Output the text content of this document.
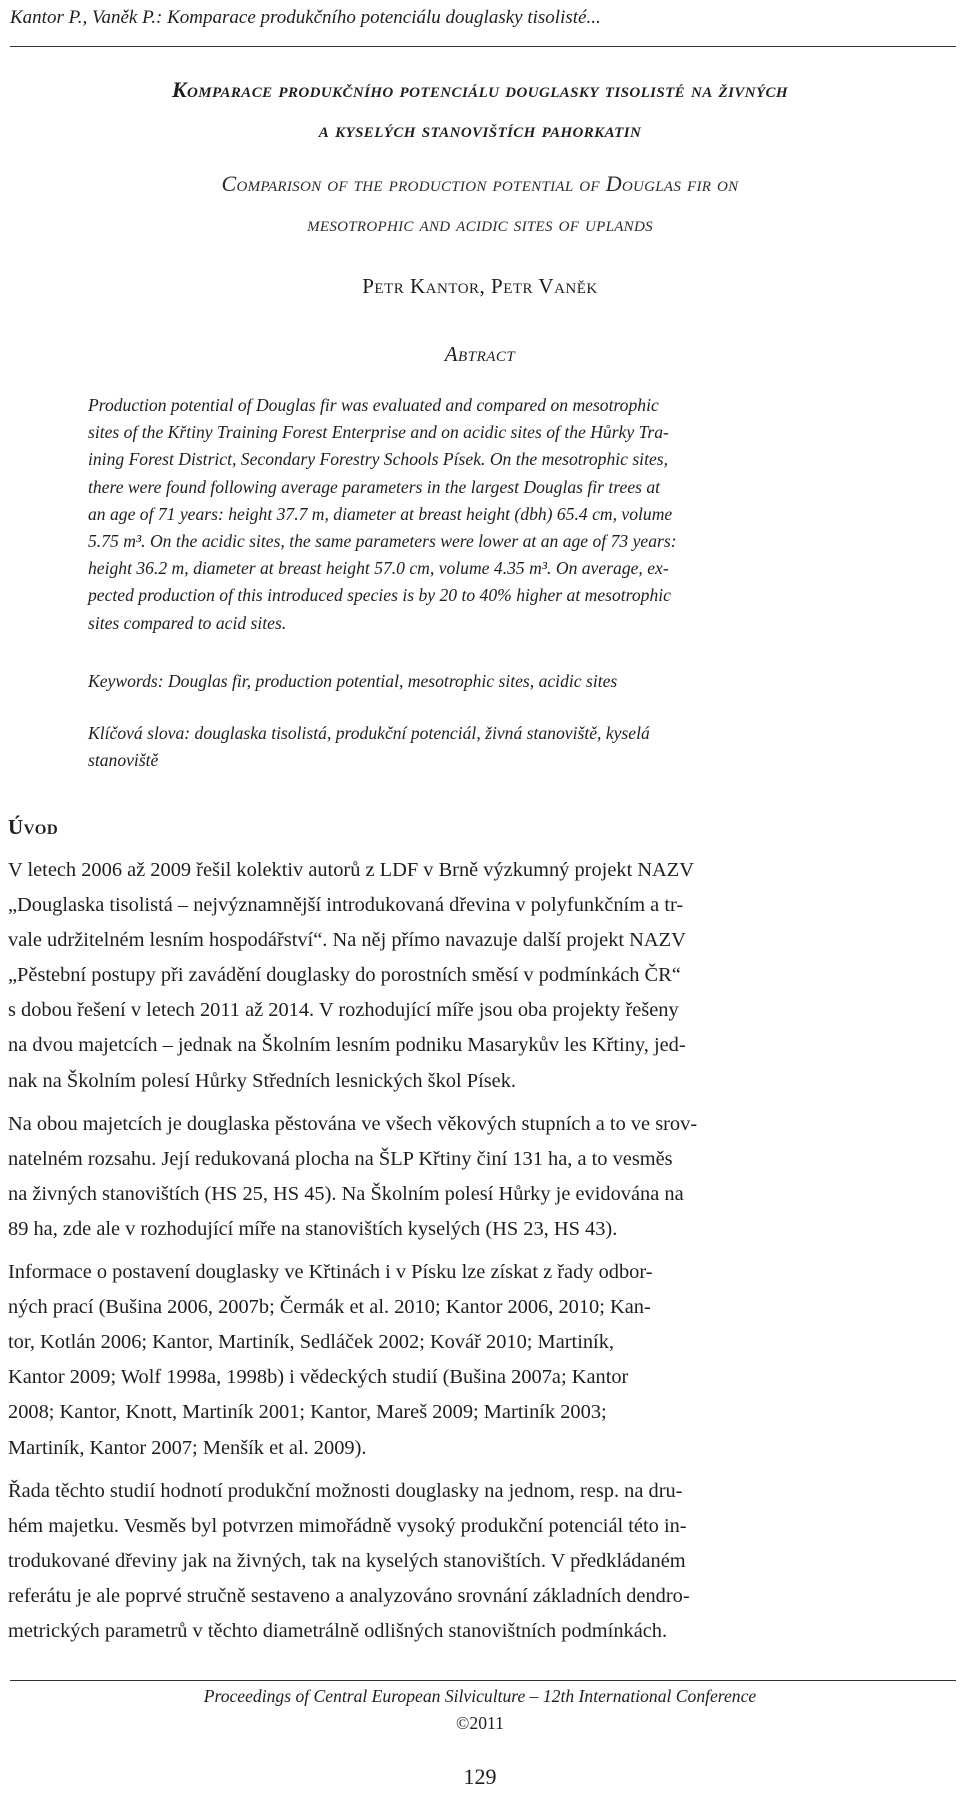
Kantor P., Vaněk P.: Komparace produkčního potenciálu douglasky tisolisté...
Komparace produkčního potenciálu douglasky tisolisté na živných
a kyselých stanovištích pahorkatin
Comparison of the production potential of Douglas fir on
mesotrophic and acidic sites of uplands
Petr Kantor, Petr Vaněk
Abtract
Production potential of Douglas fir was evaluated and compared on mesotrophic
sites of the Křtiny Training Forest Enterprise and on acidic sites of the Hůrky Tra-
ining Forest District, Secondary Forestry Schools Písek. On the mesotrophic sites,
there were found following average parameters in the largest Douglas fir trees at
an age of 71 years: height 37.7 m, diameter at breast height (dbh) 65.4 cm, volume
5.75 m³. On the acidic sites, the same parameters were lower at an age of 73 years:
height 36.2 m, diameter at breast height 57.0 cm, volume 4.35 m³. On average, ex-
pected production of this introduced species is by 20 to 40% higher at mesotrophic
sites compared to acid sites.
Keywords: Douglas fir, production potential, mesotrophic sites, acidic sites
Klíčová slova: douglaska tisolistá, produkční potenciál, živná stanoviště, kyselá
stanoviště
Úvod

V letech 2006 až 2009 řešil kolektiv autorů z LDF v Brně výzkumný projekt NAZV
„Douglaska tisolistá – nejvýznamnější introdukovaná dřevina v polyfunkčním a tr-
vale udržitelném lesním hospodářství“. Na něj přímo navazuje další projekt NAZV
„Pěstební postupy při zavádění douglasky do porostních směsí v podmínkách ČR“
s dobou řešení v letech 2011 až 2014. V rozhodující míře jsou oba projekty řešeny
na dvou majetcích – jednak na Školním lesním podniku Masarykův les Křtiny, jed-
nak na Školním polesí Hůrky Středních lesnických škol Písek.

Na obou majetcích je douglaska pěstována ve všech věkových stupních a to ve srov-
natelném rozsahu. Její redukovaná plocha na ŠLP Křtiny činí 131 ha, a to vesměs
na živných stanovištích (HS 25, HS 45). Na Školním polesí Hůrky je evidována na
89 ha, zde ale v rozhodující míře na stanovištích kyselých (HS 23, HS 43).

Informace o postavení douglasky ve Křtinách i v Písku lze získat z řady odbor-
ných prací (Bušina 2006, 2007b; Čermák et al. 2010; Kantor 2006, 2010; Kan-
tor, Kotlán 2006; Kantor, Martiník, Sedláček 2002; Kovář 2010; Martiník,
Kantor 2009; Wolf 1998a, 1998b) i vědeckých studií (Bušina 2007a; Kantor
2008; Kantor, Knott, Martiník 2001; Kantor, Mareš 2009; Martiník 2003;
Martiník, Kantor 2007; Menšík et al. 2009).

Řada těchto studií hodnotí produkční možnosti douglasky na jednom, resp. na dru-
hém majetku. Vesměs byl potvrzen mimořádně vysoký produkční potenciál této in-
trodukované dřeviny jak na živných, tak na kyselých stanovištích. V předkládaném
referátu je ale poprvé stručně sestaveno a analyzováno srovnání základních dendro-
metrických parametrů v těchto diametrálně odlišných stanovištních podmínkách.

Proceedings of Central European Silviculture – 12th International Conference
©2011
129
